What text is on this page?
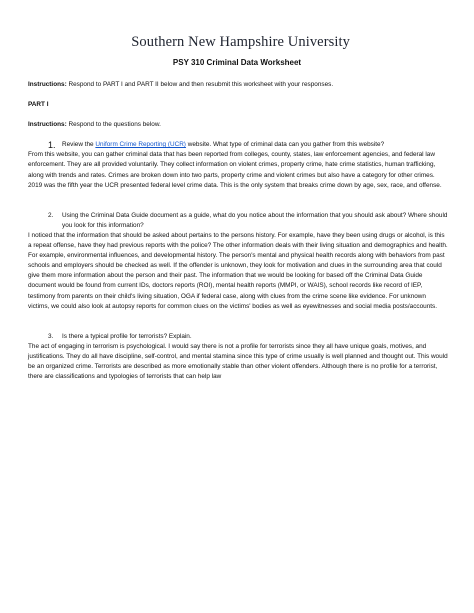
Southern New Hampshire University
PSY 310 Criminal Data Worksheet

Instructions: Respond to PART I and PART II below and then resubmit this worksheet with your responses.

PART I

Instructions: Respond to the questions below.

1. Review the Uniform Crime Reporting (UCR) website. What type of criminal data can you gather from this website?

From this website, you can gather criminal data that has been reported from colleges, county, states, law enforcement agencies, and federal law enforcement. They are all provided voluntarily. They collect information on violent crimes, property crime, hate crime statistics, human trafficking, along with trends and rates. Crimes are broken down into two parts, property crime and violent crimes but also have a category for other crimes. 2019 was the fifth year the UCR presented federal level crime data. This is the only system that breaks crime down by age, sex, race, and offense.

2. Using the Criminal Data Guide document as a guide, what do you notice about the information that you should ask about? Where should you look for this information?

I noticed that the information that should be asked about pertains to the persons history. For example, have they been using drugs or alcohol, is this a repeat offense, have they had previous reports with the police? The other information deals with their living situation and demographics and health. For example, environmental influences, and developmental history. The person's mental and physical health records along with behaviors from past schools and employers should be checked as well. If the offender is unknown, they look for motivation and clues in the surrounding area that could give them more information about the person and their past. The information that we would be looking for based off the Criminal Data Guide document would be found from current IDs, doctors reports (ROI), mental health reports (MMPI, or WAIS), school records like record of IEP, testimony from parents on their child's living situation, OGA if federal case, along with clues from the crime scene like evidence. For unknown victims, we could also look at autopsy reports for common clues on the victims' bodies as well as eyewitnesses and social media posts/accounts.

3. Is there a typical profile for terrorists? Explain.

The act of engaging in terrorism is psychological. I would say there is not a profile for terrorists since they all have unique goals, motives, and justifications. They do all have discipline, self-control, and mental stamina since this type of crime usually is well planned and thought out. This would be an organized crime. Terrorists are described as more emotionally stable than other violent offenders. Although there is no profile for a terrorist, there are classifications and typologies of terrorists that can help law
